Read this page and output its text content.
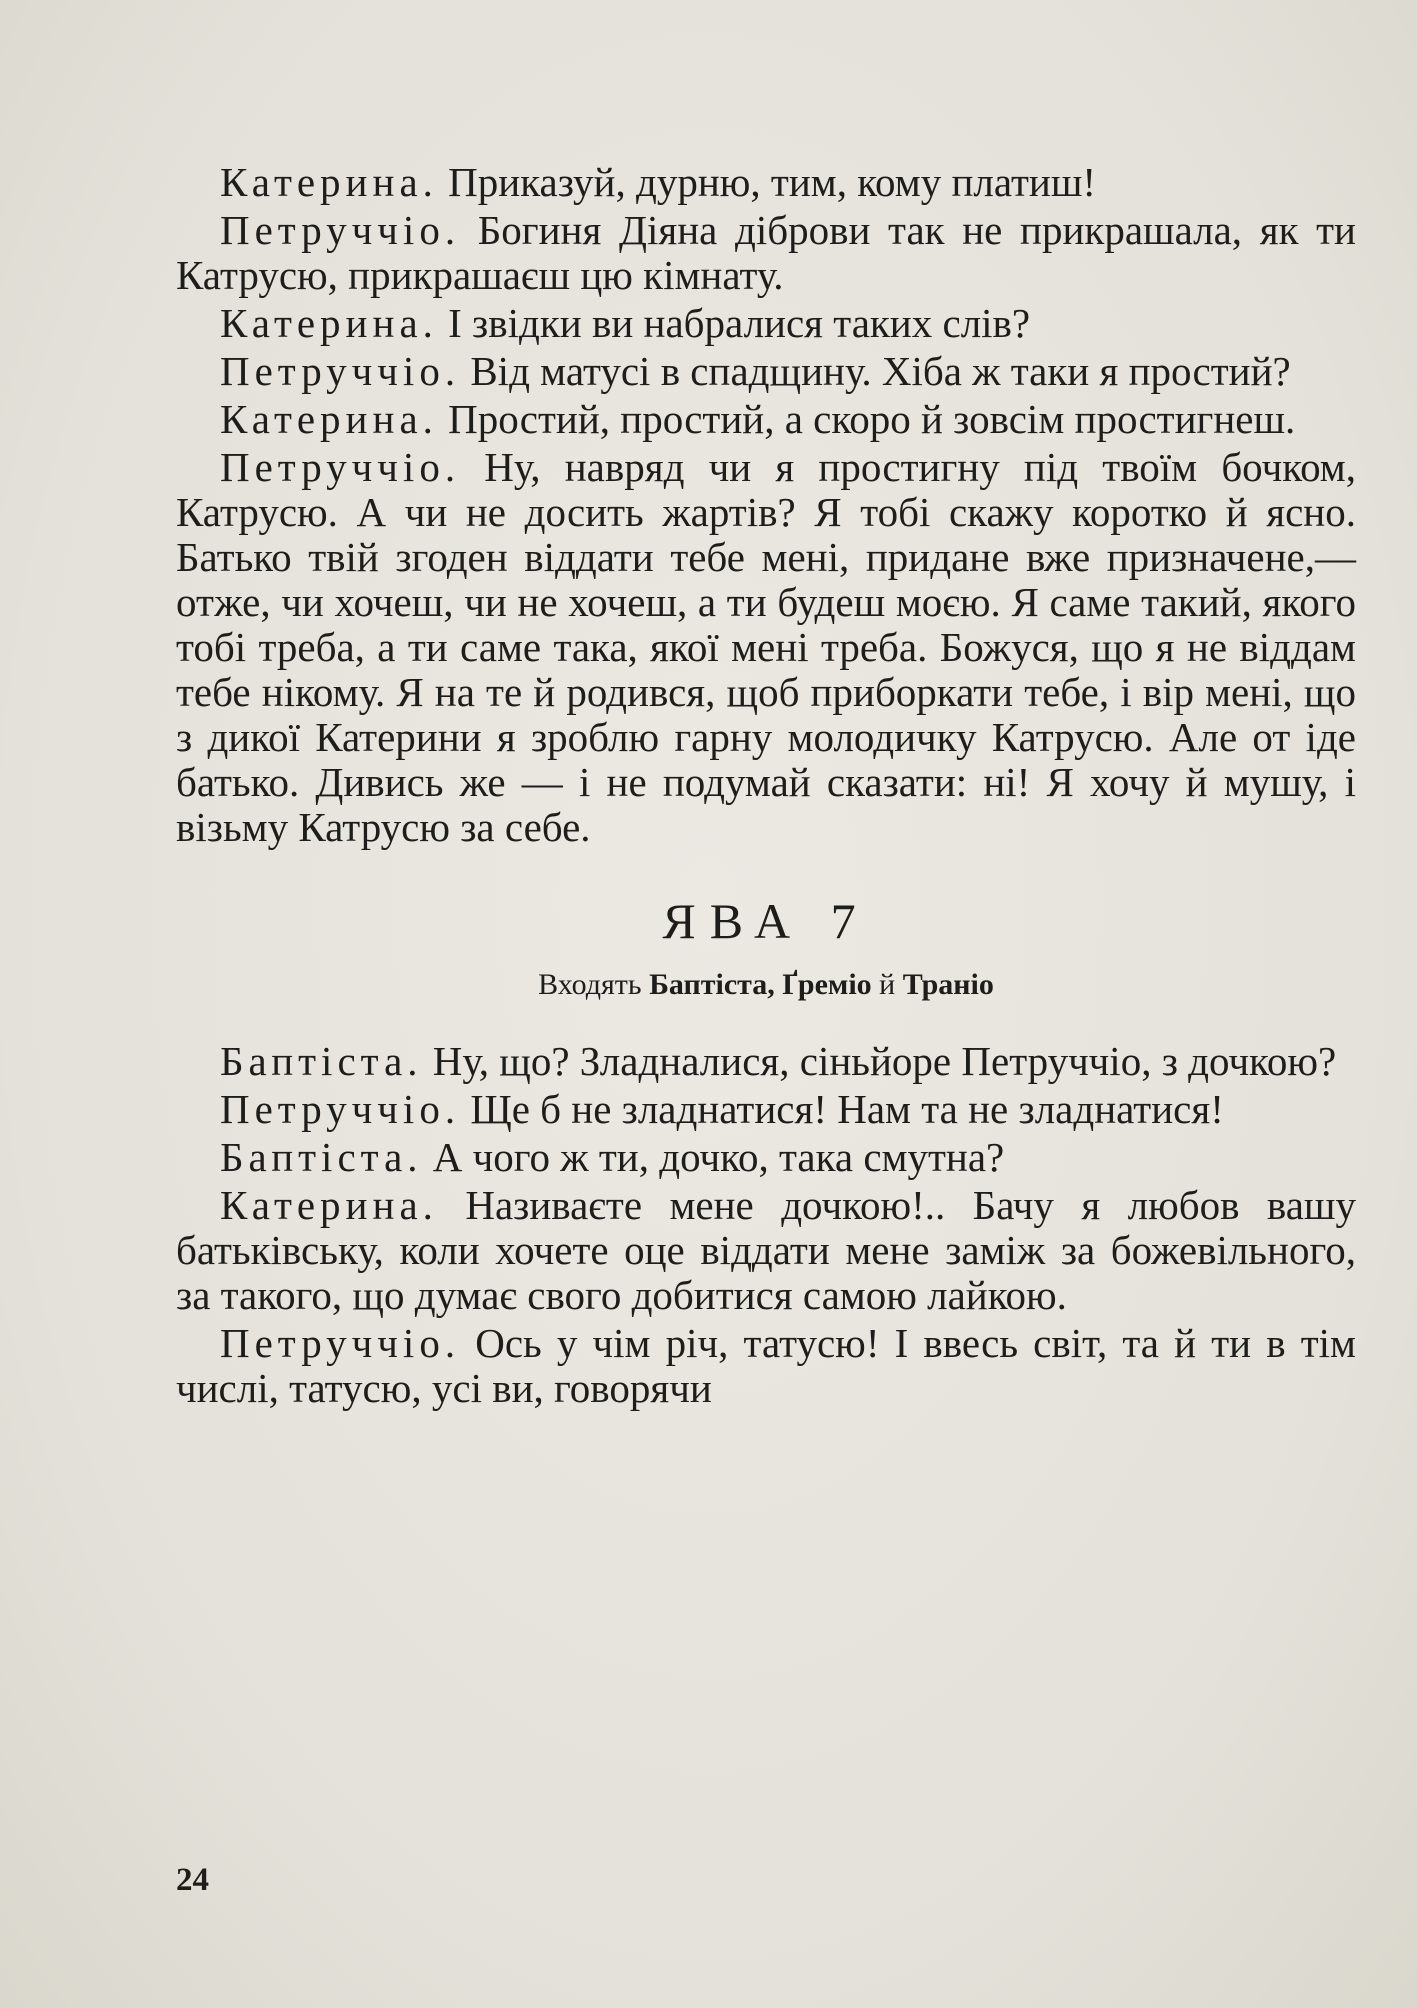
Катерина. Приказуй, дурню, тим, кому платиш!

Петруччіо. Богиня Діяна діброви так не прикрашала, як ти Катрусю, прикрашаєш цю кімнату.

Катерина. І звідки ви набралися таких слів?

Петруччіо. Від матусі в спадщину. Хіба ж таки я простий?

Катерина. Простий, простий, а скоро й зовсім простигнеш.

Петруччіо. Ну, навряд чи я простигну під твоїм бочком, Катрусю. А чи не досить жартів? Я тобі скажу коротко й ясно. Батько твій згоден віддати тебе мені, придане вже призначене,— отже, чи хочеш, чи не хочеш, а ти будеш моєю. Я саме такий, якого тобі треба, а ти саме така, якої мені треба. Божуся, що я не віддам тебе нікому. Я на те й родився, щоб приборкати тебе, і вір мені, що з дикої Катерини я зроблю гарну молодичку Катрусю. Але от іде батько. Дивись же — і не подумай сказати: ні! Я хочу й мушу, і візьму Катрусю за себе.

ЯВА 7
Входять Баптіста, Ґреміо й Траніо

Баптіста. Ну, що? Зладналися, сіньйоре Петруччіо, з дочкою?

Петруччіо. Ще б не зладнатися! Нам та не зладнатися!

Баптіста. А чого ж ти, дочко, така смутна?

Катерина. Називаєте мене дочкою!.. Бачу я любов вашу батьківську, коли хочете оце віддати мене заміж за божевільного, за такого, що думає свого добитися самою лайкою.

Петруччіо. Ось у чім річ, татусю! І ввесь світ, та й ти в тім числі, татусю, усі ви, говорячи

24
